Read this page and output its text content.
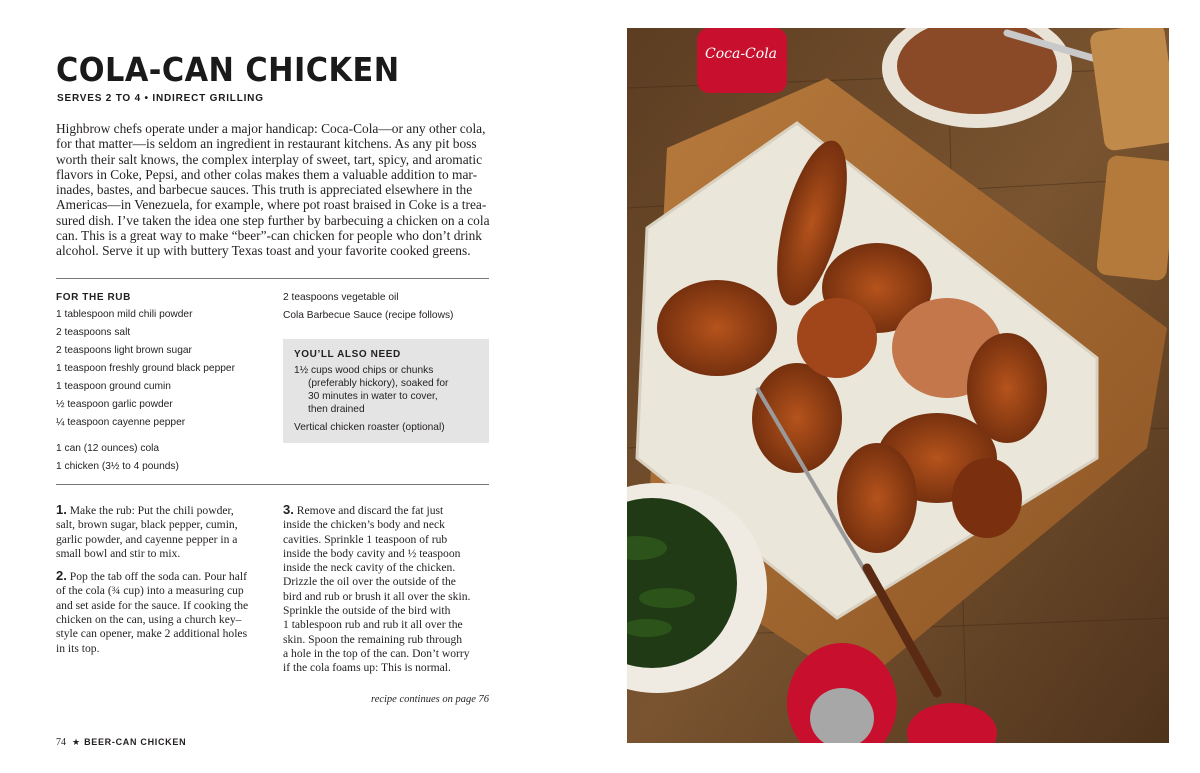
COLA-CAN CHICKEN
SERVES 2 TO 4 • INDIRECT GRILLING
Highbrow chefs operate under a major handicap: Coca-Cola—or any other cola,
for that matter—is seldom an ingredient in restaurant kitchens. As any pit boss
worth their salt knows, the complex interplay of sweet, tart, spicy, and aromatic
flavors in Coke, Pepsi, and other colas makes them a valuable addition to mar-
inades, bastes, and barbecue sauces. This truth is appreciated elsewhere in the
Americas—in Venezuela, for example, where pot roast braised in Coke is a trea-
sured dish. I’ve taken the idea one step further by barbecuing a chicken on a cola
can. This is a great way to make “beer”-can chicken for people who don’t drink
alcohol. Serve it up with buttery Texas toast and your favorite cooked greens.
FOR THE RUB
1 tablespoon mild chili powder
2 teaspoons salt
2 teaspoons light brown sugar
1 teaspoon freshly ground black pepper
1 teaspoon ground cumin
½ teaspoon garlic powder
¼ teaspoon cayenne pepper
1 can (12 ounces) cola
1 chicken (3½ to 4 pounds)
2 teaspoons vegetable oil
Cola Barbecue Sauce (recipe follows)
YOU’LL ALSO NEED
1½ cups wood chips or chunks
(preferably hickory), soaked for
30 minutes in water to cover,
then drained
Vertical chicken roaster (optional)
1. Make the rub: Put the chili powder,
salt, brown sugar, black pepper, cumin,
garlic powder, and cayenne pepper in a
small bowl and stir to mix.
2. Pop the tab off the soda can. Pour half
of the cola (¾ cup) into a measuring cup
and set aside for the sauce. If cooking the
chicken on the can, using a church key–
style can opener, make 2 additional holes
in its top.
3. Remove and discard the fat just
inside the chicken’s body and neck
cavities. Sprinkle 1 teaspoon of rub
inside the body cavity and ½ teaspoon
inside the neck cavity of the chicken.
Drizzle the oil over the outside of the
bird and rub or brush it all over the skin.
Sprinkle the outside of the bird with
1 tablespoon rub and rub it all over the
skin. Spoon the remaining rub through
a hole in the top of the can. Don’t worry
if the cola foams up: This is normal.
recipe continues on page 76
74 ★ BEER-CAN CHICKEN
Coca-Cola
